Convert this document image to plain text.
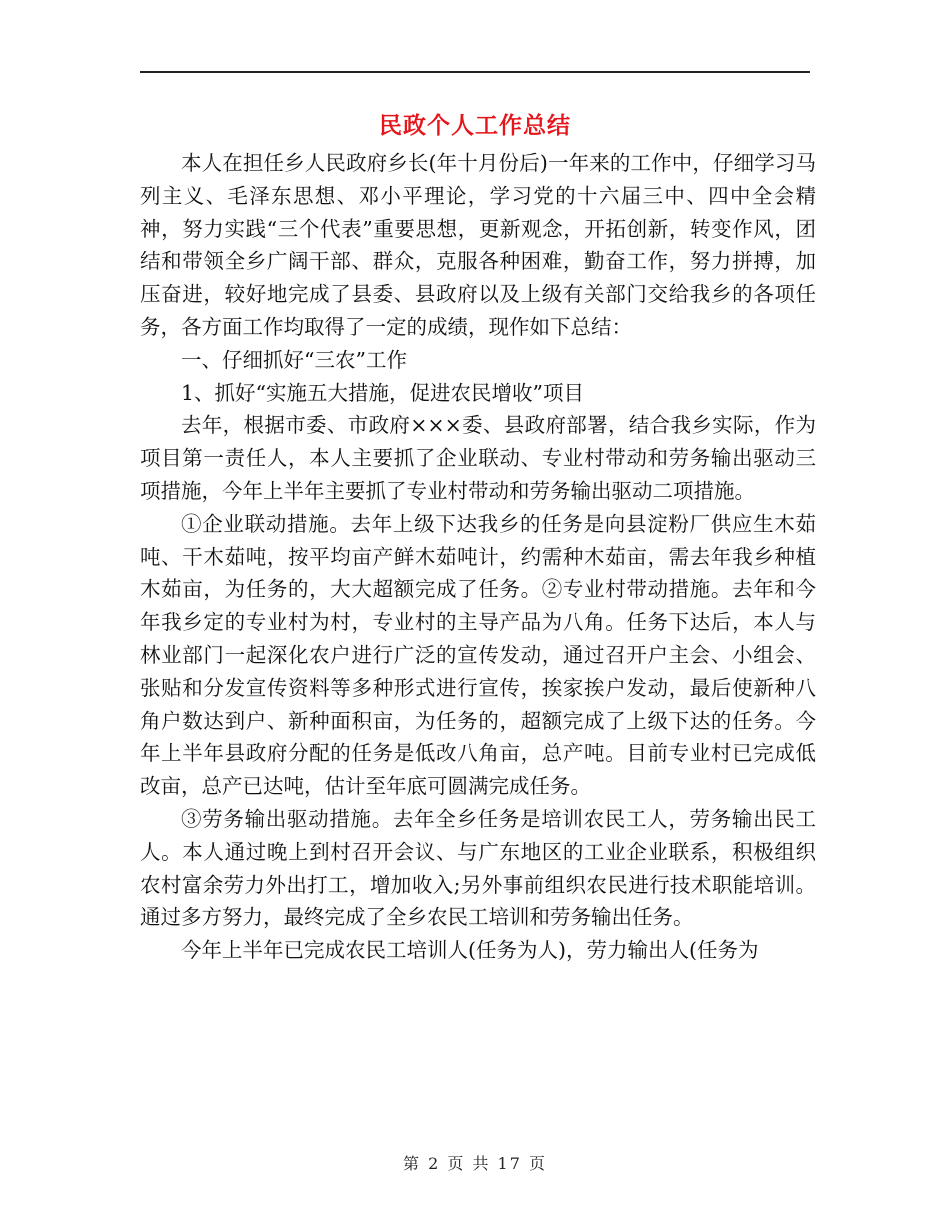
民政个人工作总结

本人在担任乡人民政府乡长(年十月份后)一年来的工作中，仔细学习马列主义、毛泽东思想、邓小平理论，学习党的十六届三中、四中全会精神，努力实践“三个代表”重要思想，更新观念，开拓创新，转变作风，团结和带领全乡广阔干部、群众，克服各种困难，勤奋工作，努力拼搏，加压奋进，较好地完成了县委、县政府以及上级有关部门交给我乡的各项任务，各方面工作均取得了一定的成绩，现作如下总结：

一、仔细抓好“三农”工作

1、抓好“实施五大措施，促进农民增收”项目

去年，根据市委、市政府×××委、县政府部署，结合我乡实际，作为项目第一责任人，本人主要抓了企业联动、专业村带动和劳务输出驱动三项措施，今年上半年主要抓了专业村带动和劳务输出驱动二项措施。

①企业联动措施。去年上级下达我乡的任务是向县淀粉厂供应生木茹吨、干木茹吨，按平均亩产鲜木茹吨计，约需种木茹亩，需去年我乡种植木茹亩，为任务的，大大超额完成了任务。②专业村带动措施。去年和今年我乡定的专业村为村，专业村的主导产品为八角。任务下达后，本人与林业部门一起深化农户进行广泛的宣传发动，通过召开户主会、小组会、张贴和分发宣传资料等多种形式进行宣传，挨家挨户发动，最后使新种八角户数达到户、新种面积亩，为任务的，超额完成了上级下达的任务。今年上半年县政府分配的任务是低改八角亩，总产吨。目前专业村已完成低改亩，总产已达吨，估计至年底可圆满完成任务。

③劳务输出驱动措施。去年全乡任务是培训农民工人，劳务输出民工人。本人通过晚上到村召开会议、与广东地区的工业企业联系，积极组织农村富余劳力外出打工，增加收入;另外事前组织农民进行技术职能培训。通过多方努力，最终完成了全乡农民工培训和劳务输出任务。

今年上半年已完成农民工培训人(任务为人)，劳力输出人(任务为

第 2 页 共 17 页
